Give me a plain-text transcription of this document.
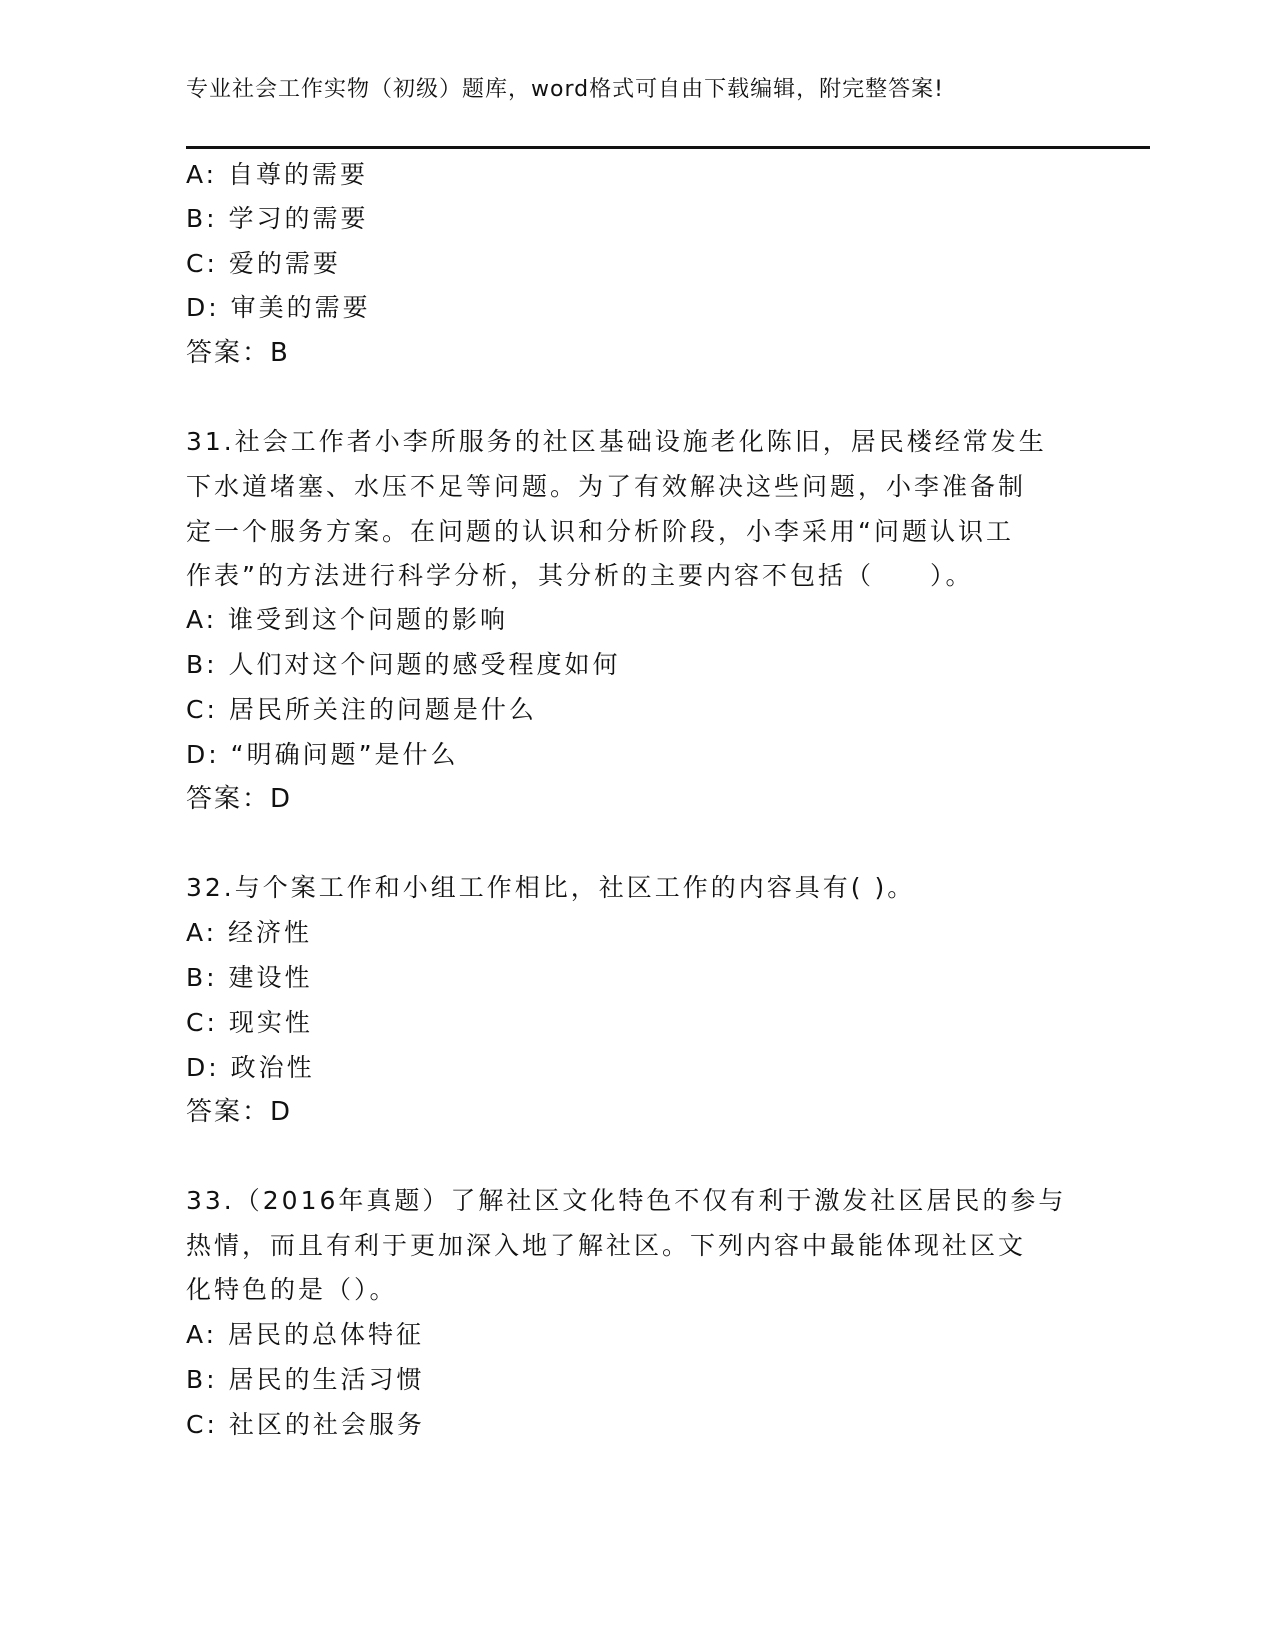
专业社会工作实物（初级）题库，word格式可自由下载编辑，附完整答案!
A: 自尊的需要
B: 学习的需要
C: 爱的需要
D: 审美的需要
答案：B
31.社会工作者小李所服务的社区基础设施老化陈旧，居民楼经常发生
下水道堵塞、水压不足等问题。为了有效解决这些问题，小李准备制
定一个服务方案。在问题的认识和分析阶段，小李采用“问题认识工
作表”的方法进行科学分析，其分析的主要内容不包括（　　）。
A: 谁受到这个问题的影响
B: 人们对这个问题的感受程度如何
C: 居民所关注的问题是什么
D: “明确问题”是什么
答案：D
32.与个案工作和小组工作相比，社区工作的内容具有( )。
A: 经济性
B: 建设性
C: 现实性
D: 政治性
答案：D
33.（2016年真题）了解社区文化特色不仅有利于激发社区居民的参与
热情，而且有利于更加深入地了解社区。下列内容中最能体现社区文
化特色的是（）。
A: 居民的总体特征
B: 居民的生活习惯
C: 社区的社会服务
